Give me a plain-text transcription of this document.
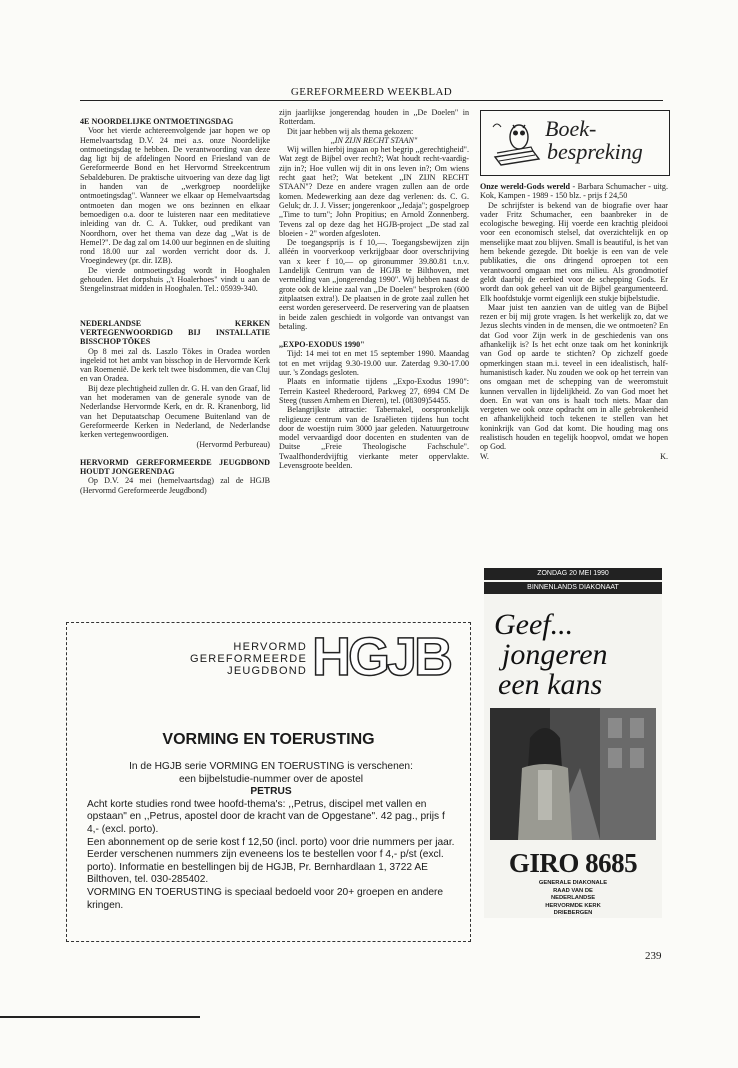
GEREFORMEERD WEEKBLAD
4E NOORDELIJKE ONTMOETINGSDAG

Voor het vierde achtereenvolgende jaar hopen we op Hemelvaartsdag D.V. 24 mei a.s. onze Noordelijke ontmoetingsdag te hebben. De verantwoording van deze dag ligt bij de afdelingen Noord en Friesland van de Gereformeerde Bond en het Hervormd Streekcentrum Sebaldeburen. De praktische uitvoering van deze dag ligt in handen van de ,,werkgroep noordelijke ontmoetingsdag". Wanneer we elkaar op Hemelvaartsdag ontmoeten dan mogen we ons bezinnen en elkaar bemoedigen o.a. door te luisteren naar een meditatieve inleiding van dr. C. A. Tukker, oud predikant van Noordhorn, over het thema van deze dag ,,Wat is de Hemel?". De dag zal om 14.00 uur beginnen en de sluiting rond 18.00 uur zal worden verricht door ds. J. Vroegindewey (pr. dir. IZB).

De vierde ontmoetingsdag wordt in Hooghalen gehouden. Het dorpshuis ,,'t Hoalerhoes" vindt u aan de Stengelinstraat midden in Hooghalen. Tel.: 05939-340.

NEDERLANDSE KERKEN VERTEGENWOORDIGD BIJ INSTALLATIE BISSCHOP TÖKES

Op 8 mei zal ds. Laszlo Tökes in Oradea worden ingeleid tot het ambt van bisschop in de Hervormde Kerk van Roemenië. De kerk telt twee bisdommen, die van Cluj en van Oradea.

Bij deze plechtigheid zullen dr. G. H. van den Graaf, lid van het moderamen van de generale synode van de Nederlandse Hervormde Kerk, en dr. R. Kranenborg, lid van het Deputaatschap Oecumene Buitenland van de Gereformeerde Kerken in Nederland, de Nederlandse kerken vertegenwoordigen.

(Hervormd Perbureau)

HERVORMD GEREFORMEERDE JEUGDBOND HOUDT JONGERENDAG

Op D.V. 24 mei (hemelvaartsdag) zal de HGJB (Hervormd Gereformeerde Jeugdbond)

zijn jaarlijkse jongerendag houden in ,,De Doelen" in Rotterdam.

Dit jaar hebben wij als thema gekozen:

,,IN ZIJN RECHT STAAN"

Wij willen hierbij ingaan op het begrip ,,gerechtigheid". Wat zegt de Bijbel over recht?; Wat houdt recht-vaardig-zijn in?; Hoe vullen wij dit in ons leven in?; Om wiens recht gaat het?; Wat betekent ,,IN ZIJN RECHT STAAN"? Deze en andere vragen zullen aan de orde komen. Medewerking aan deze dag verlenen: ds. C. G. Geluk; dr. J. J. Visser; jongerenkoor ,,Jedaja"; gospelgroep ,,Time to turn"; John Propitius; en Arnold Zonnenberg. Tevens zal op deze dag het HGJB-project ,,De stad zal bloeien - 2" worden afgesloten.

De toegangsprijs is f 10,—. Toegangsbewijzen zijn alléén in voorverkoop verkrijgbaar door overschrijving van x keer f 10,— op gironummer 39.80.81 t.n.v. Landelijk Centrum van de HGJB te Bilthoven, met vermelding van ,,jongerendag 1990". Wij hebben naast de grote ook de kleine zaal van ,,De Doelen" besproken (600 zitplaatsen extra!). De plaatsen in de grote zaal zullen het eerst worden gereserveerd. De reservering van de plaatsen in beide zalen geschiedt in volgorde van ontvangst van betaling.

,,EXPO-EXODUS 1990"

Tijd: 14 mei tot en met 15 september 1990. Maandag tot en met vrijdag 9.30-19.00 uur. Zaterdag 9.30-17.00 uur. 's Zondags gesloten.

Plaats en informatie tijdens ,,Expo-Exodus 1990": Terrein Kasteel Rhederoord, Parkweg 27, 6994 CM De Steeg (tussen Arnhem en Dieren), tel. (08309)54455.

Belangrijkste attractie: Tabernakel, oorspronkelijk religieuze centrum van de Israëlieten tijdens hun tocht door de woestijn ruim 3000 jaar geleden. Natuurgetrouw model vervaardigd door docenten en studenten van de Duitse ,,Freie Theologische Fachschule". Twaalfhonderdvijftig vierkante meter oppervlakte. Levensgroote beelden.

Boek-
bespreking

Onze wereld-Gods wereld - Barbara Schumacher - uitg. Kok, Kampen - 1989 - 150 blz. - prijs f 24,50

De schrijfster is bekend van de biografie over haar vader Fritz Schumacher, een baanbreker in de ecologische beweging. Hij voerde een krachtig pleidooi voor een economisch stelsel, dat overzichtelijk en op menselijke maat zou blijven. Small is beautiful, is het van hem bekende gezegde. Dit boekje is een van de vele publikaties, die ons dringend oproepen tot een verantwoord omgaan met ons milieu. Als grondmotief geldt daarbij de eerbied voor de schepping Gods. Er wordt dan ook geheel van uit de Bijbel geargumenteerd. Elk hoofdstukje vormt eigenlijk een stukje bijbelstudie.

Maar juist ten aanzien van de uitleg van de Bijbel rezen er bij mij grote vragen. Is het werkelijk zo, dat we Jezus slechts vinden in de mensen, die we ontmoeten? En dat God voor Zijn werk in de geschiedenis van ons afhankelijk is? Is het echt onze taak om het koninkrijk van God op aarde te stichten? Op zichzelf goede opmerkingen staan m.i. teveel in een idealistisch, half-humanistisch kader. Nu zouden we ook op het terrein van ons omgaan met de schepping van de weeromstuit kunnen vervallen in lijdelijkheid. Zo van God moet het doen. En wat van ons is haalt toch niets. Maar dan vergeten we ook onze opdracht om in alle gebrokenheid en afhankelijkheid toch tekenen te stellen van het koninkrijk van God dat komt. Die houding mag ons realistisch houden en tegelijk hoopvol, omdat we hopen op God.

W.	K.

HERVORMD
GEREFORMEERDE
JEUGDBOND HGJB
VORMING EN TOERUSTING
In de HGJB serie VORMING EN TOERUSTING is verschenen:
een bijbelstudie-nummer over de apostel
PETRUS
Acht korte studies rond twee hoofd-thema's: ,,Petrus, discipel met vallen en opstaan" en ,,Petrus, apostel door de kracht van de Opgestane". 42 pag., prijs f 4,- (excl. porto).
Een abonnement op de serie kost f 12,50 (incl. porto) voor drie nummers per jaar. Eerder verschenen nummers zijn eveneens los te bestellen voor f 4,- p/st (excl. porto). Informatie en bestellingen bij de HGJB, Pr. Bernhardlaan 1, 3722 AE Bilthoven, tel. 030-285402.
VORMING EN TOERUSTING is speciaal bedoeld voor 20+ groepen en andere kringen.
ZONDAG 20 MEI 1990
BINNENLANDS DIAKONAAT
Geef...
jongeren
een kans
GIRO 8685
GENERALE DIAKONALE
RAAD VAN DE
NEDERLANDSE
HERVORMDE KERK
DRIEBERGEN
239
